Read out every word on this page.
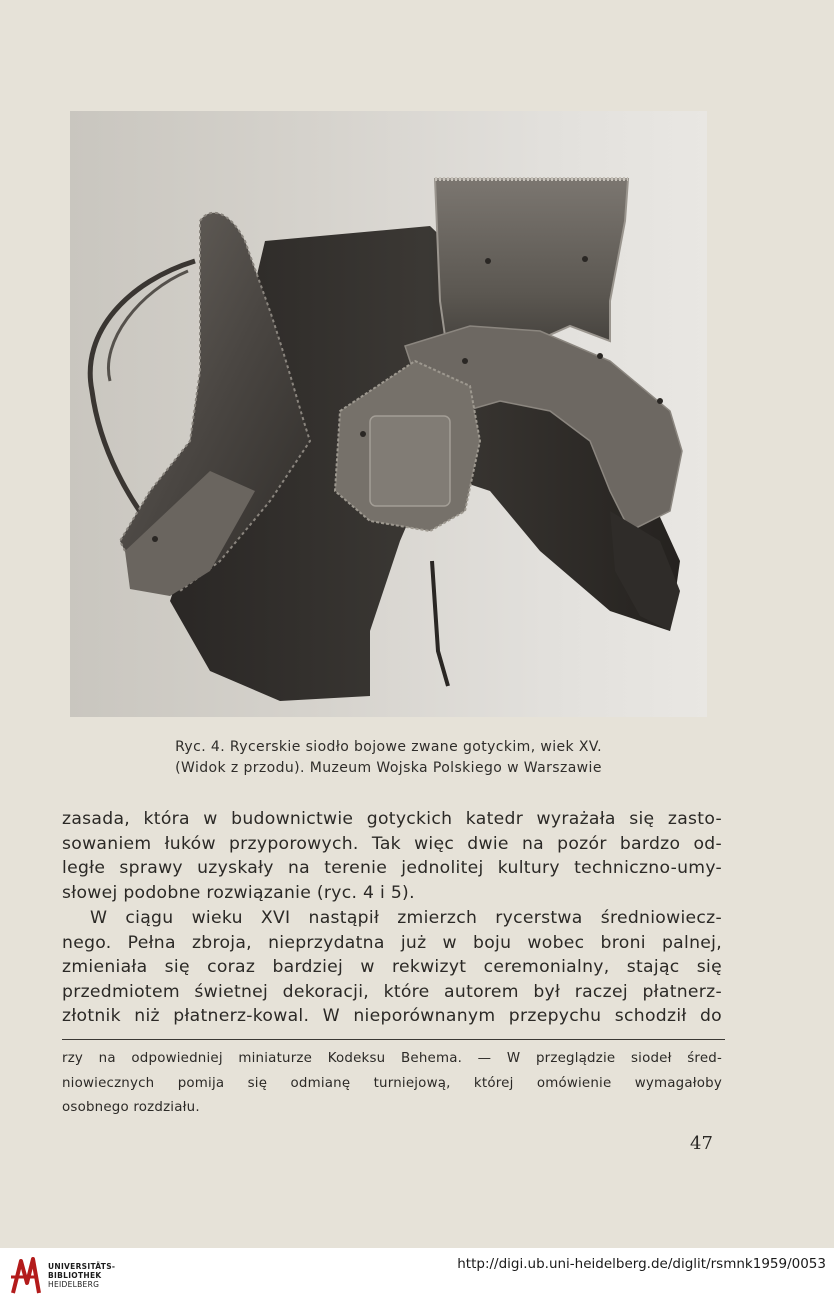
Ryc. 4. Rycerskie siodło bojowe zwane gotyckim, wiek XV.
(Widok z przodu). Muzeum Wojska Polskiego w Warszawie
zasada, która w budownictwie gotyckich katedr wyrażała się zasto-
sowaniem łuków przyporowych. Tak więc dwie na pozór bardzo od-
ległe sprawy uzyskały na terenie jednolitej kultury techniczno-umy-
słowej podobne rozwiązanie (ryc. 4 i 5).
W ciągu wieku XVI nastąpił zmierzch rycerstwa średniowiecz-
nego. Pełna zbroja, nieprzydatna już w boju wobec broni palnej,
zmieniała się coraz bardziej w rekwizyt ceremonialny, stając się
przedmiotem świetnej dekoracji, które autorem był raczej płatnerz-
złotnik niż płatnerz-kowal. W nieporównanym przepychu schodził do
rzy na odpowiedniej miniaturze Kodeksu Behema. — W przeglądzie siodeł śred-
niowiecznych pomija się odmianę turniejową, której omówienie wymagałoby
osobnego rozdziału.
47
UNIVERSITÄTS-
BIBLIOTHEK
HEIDELBERG
http://digi.ub.uni-heidelberg.de/diglit/rsmnk1959/0053
